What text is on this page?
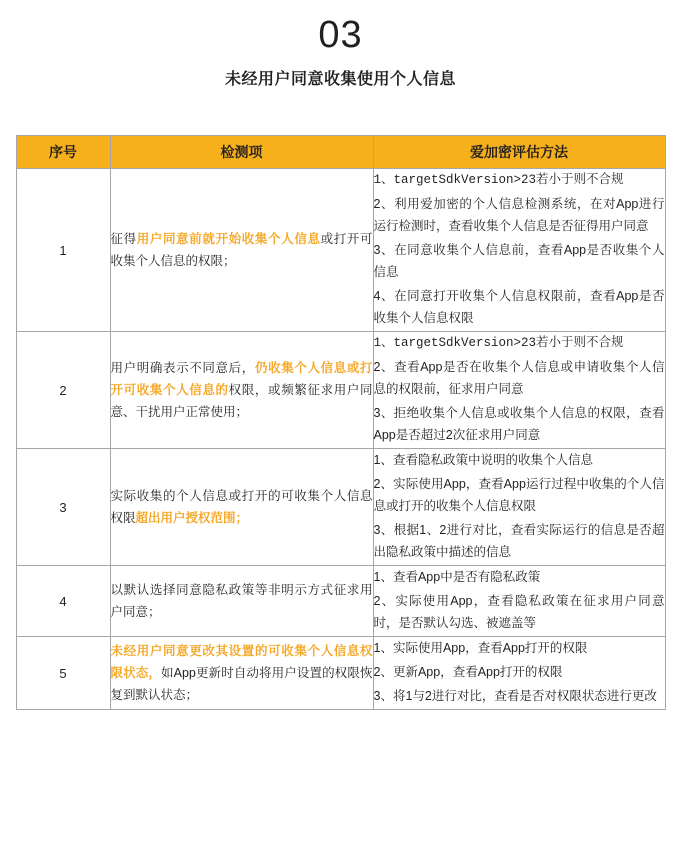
03
未经用户同意收集使用个人信息
序号	检测项	爱加密评估方法
1	征得用户同意前就开始收集个人信息或打开可收集个人信息的权限；	1、targetSdkVersion>23若小于则不合规
2、利用爱加密的个人信息检测系统，在对App进行运行检测时，查看收集个人信息是否征得用户同意
3、在同意收集个人信息前，查看App是否收集个人信息
4、在同意打开收集个人信息权限前，查看App是否收集个人信息权限

2	用户明确表示不同意后，仍收集个人信息或打开可收集个人信息的权限，或频繁征求用户同意、干扰用户正常使用；	1、targetSdkVersion>23若小于则不合规
2、查看App是否在收集个人信息或申请收集个人信息的权限前，征求用户同意
3、拒绝收集个人信息或收集个人信息的权限，查看App是否超过2次征求用户同意

3	实际收集的个人信息或打开的可收集个人信息权限超出用户授权范围；	1、查看隐私政策中说明的收集个人信息
2、实际使用App，查看App运行过程中收集的个人信息或打开的收集个人信息权限
3、根据1、2进行对比，查看实际运行的信息是否超出隐私政策中描述的信息

4	以默认选择同意隐私政策等非明示方式征求用户同意；	1、查看App中是否有隐私政策
2、实际使用App，查看隐私政策在征求用户同意时，是否默认勾选、被遮盖等

5	未经用户同意更改其设置的可收集个人信息权限状态，如App更新时自动将用户设置的权限恢复到默认状态；	1、实际使用App，查看App打开的权限
2、更新App，查看App打开的权限
3、将1与2进行对比，查看是否对权限状态进行更改
